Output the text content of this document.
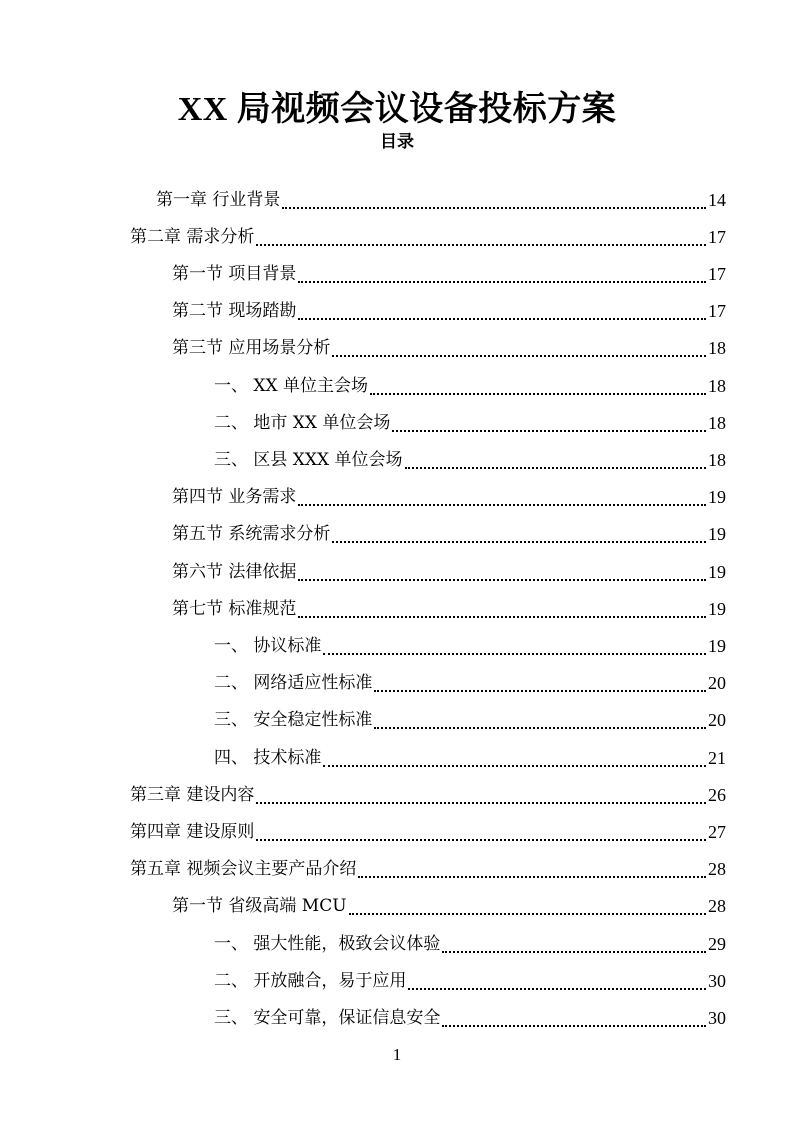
XX 局视频会议设备投标方案
目录
第一章 行业背景	14
第二章 需求分析	17
第一节 项目背景	17
第二节 现场踏勘	17
第三节 应用场景分析	18
一、 XX 单位主会场	18
二、 地市 XX 单位会场	18
三、 区县 XXX 单位会场	18
第四节 业务需求	19
第五节 系统需求分析	19
第六节 法律依据	19
第七节 标准规范	19
一、 协议标准	19
二、 网络适应性标准	20
三、 安全稳定性标准	20
四、 技术标准	21
第三章 建设内容	26
第四章 建设原则	27
第五章 视频会议主要产品介绍	28
第一节 省级高端 MCU	28
一、 强大性能，极致会议体验	29
二、 开放融合，易于应用	30
三、 安全可靠，保证信息安全	30
1
